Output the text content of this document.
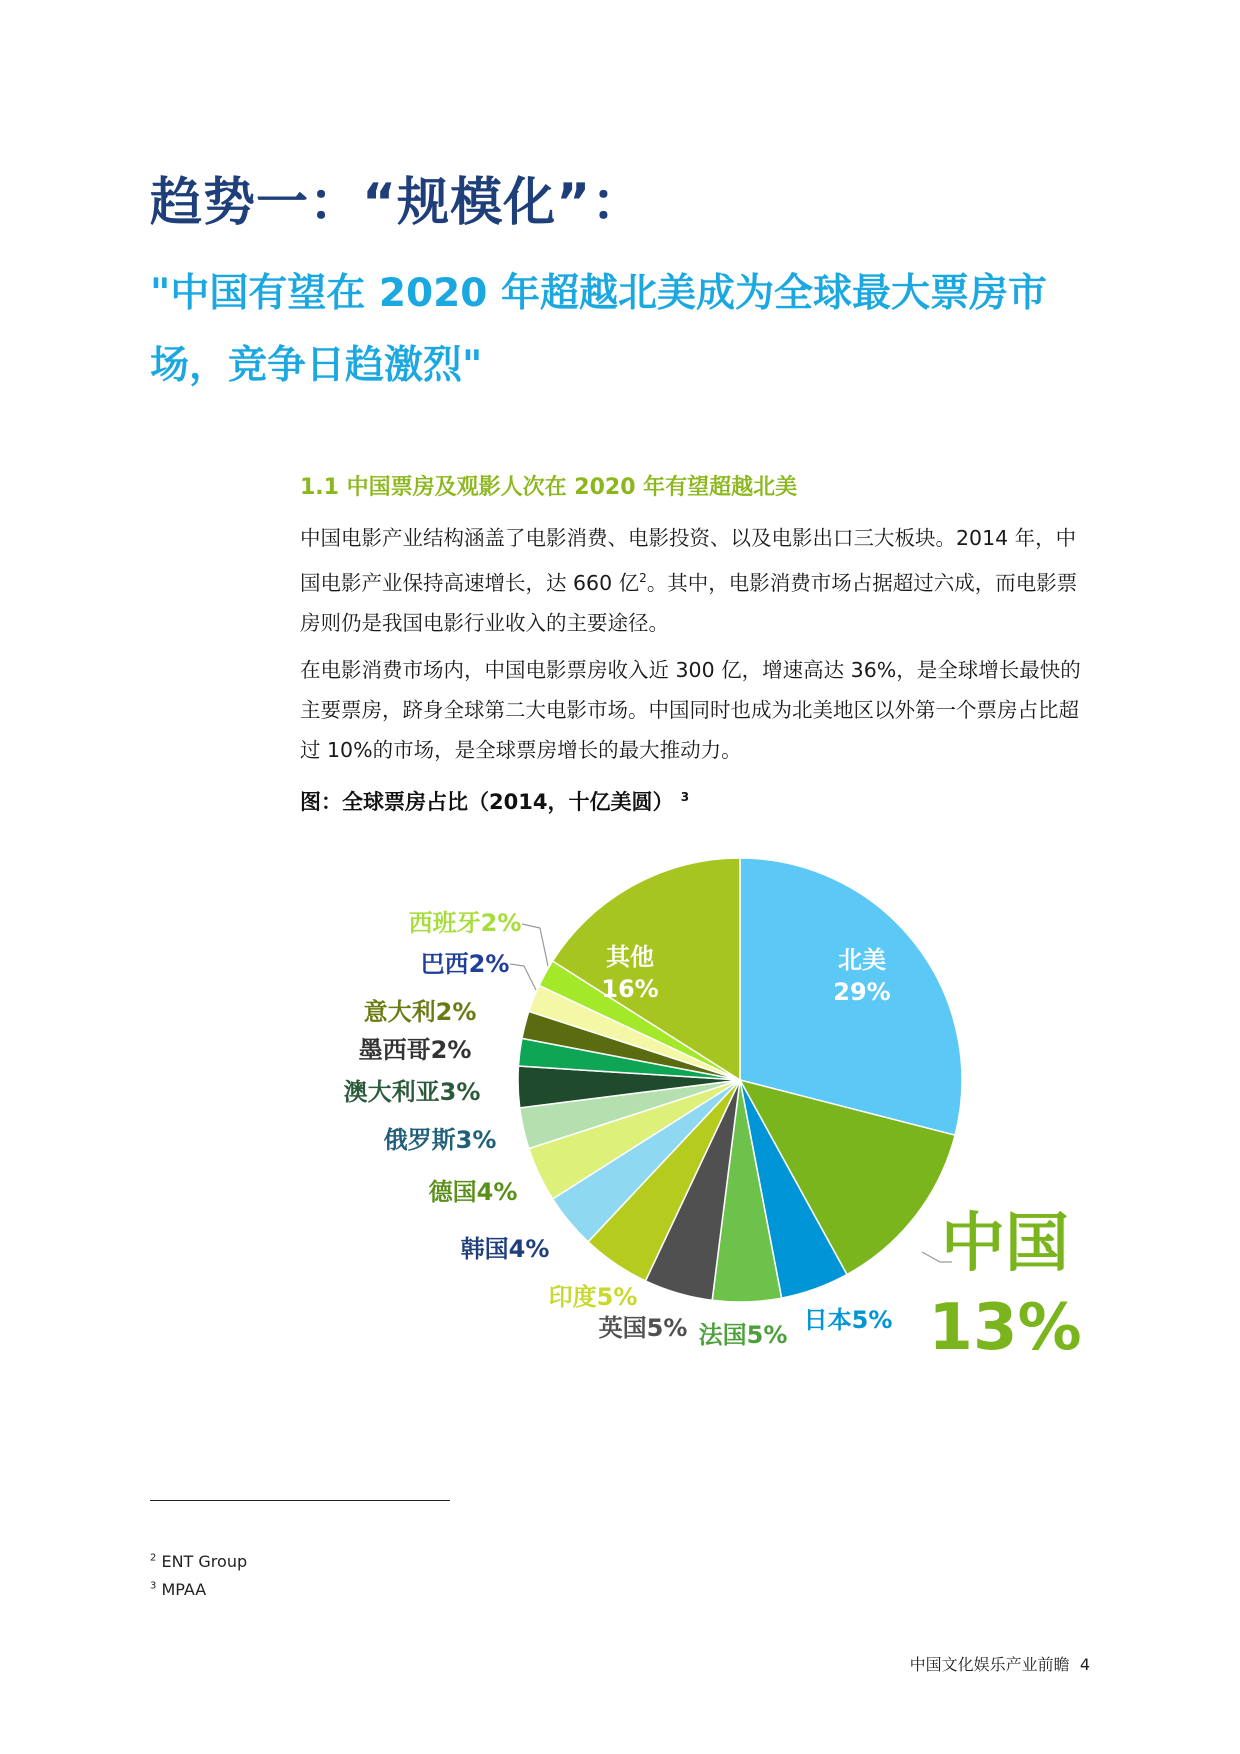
趋势一：“规模化”：
"中国有望在 2020 年超越北美成为全球最大票房市场，竞争日趋激烈"
1.1 中国票房及观影人次在 2020 年有望超越北美

中国电影产业结构涵盖了电影消费、电影投资、以及电影出口三大板块。2014 年，中国电影产业保持高速增长，达 660 亿$^2$。其中，电影消费市场占据超过六成，而电影票房则仍是我国电影行业收入的主要途径。

在电影消费市场内，中国电影票房收入近 300 亿，增速高达 36%，是全球增长最快的主要票房，跻身全球第二大电影市场。中国同时也成为北美地区以外第一个票房占比超过 10%的市场，是全球票房增长的最大推动力。

图：全球票房占比（2014，十亿美圆） $^3$
北美
29%
中国
13%
日本5%
法国5%
英国5%
印度5%
韩国4%
德国4%
俄罗斯3%
澳大利亚3%
墨西哥2%
意大利2%
巴西2%
西班牙2%
其他
16%
$^2$ ENT Group
$^3$ MPAA
中国文化娱乐产业前瞻 4
